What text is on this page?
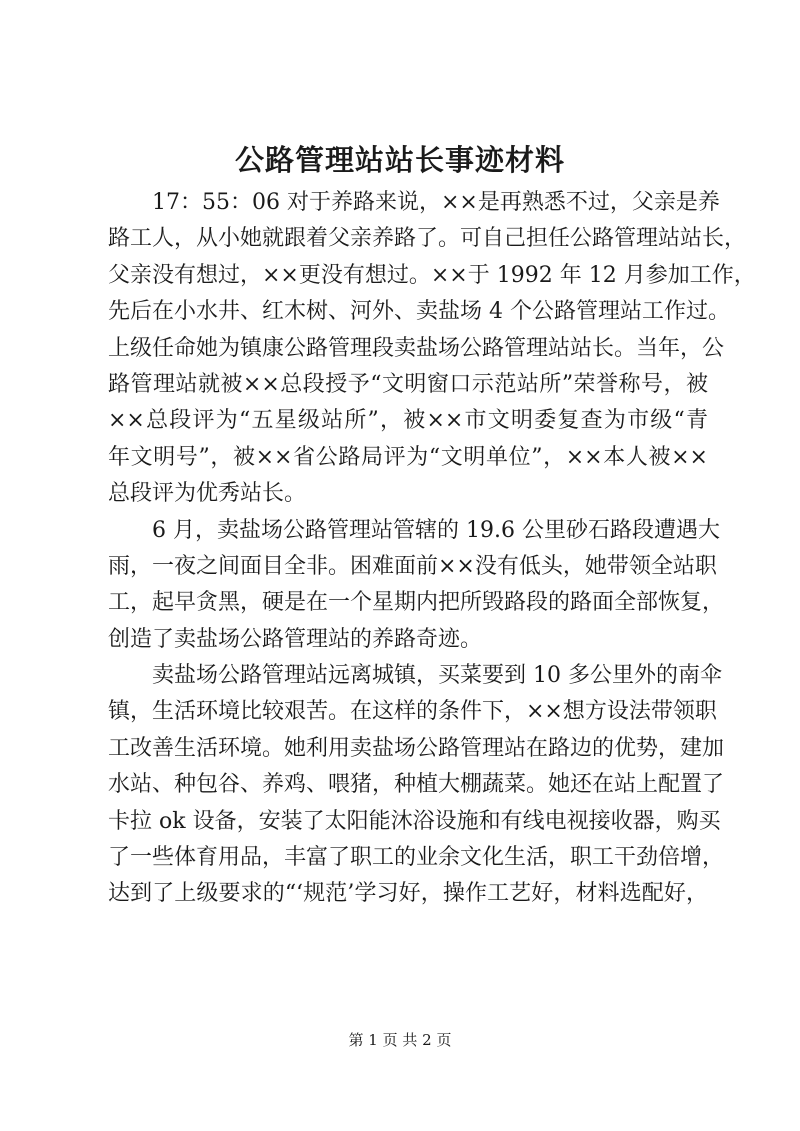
公路管理站站长事迹材料
17：55：06 对于养路来说，××是再熟悉不过，父亲是养
路工人，从小她就跟着父亲养路了。可自己担任公路管理站站长，
父亲没有想过，××更没有想过。××于 1992 年 12 月参加工作，
先后在小水井、红木树、河外、卖盐场 4 个公路管理站工作过。
上级任命她为镇康公路管理段卖盐场公路管理站站长。当年，公
路管理站就被××总段授予“文明窗口示范站所”荣誉称号，被
××总段评为“五星级站所”，被××市文明委复查为市级“青
年文明号”，被××省公路局评为“文明单位”，××本人被××
总段评为优秀站长。
6 月，卖盐场公路管理站管辖的 19.6 公里砂石路段遭遇大
雨，一夜之间面目全非。困难面前××没有低头，她带领全站职
工，起早贪黑，硬是在一个星期内把所毁路段的路面全部恢复，
创造了卖盐场公路管理站的养路奇迹。
卖盐场公路管理站远离城镇，买菜要到 10 多公里外的南伞
镇，生活环境比较艰苦。在这样的条件下，××想方设法带领职
工改善生活环境。她利用卖盐场公路管理站在路边的优势，建加
水站、种包谷、养鸡、喂猪，种植大棚蔬菜。她还在站上配置了
卡拉 ok 设备，安装了太阳能沐浴设施和有线电视接收器，购买
了一些体育用品，丰富了职工的业余文化生活，职工干劲倍增，
达到了上级要求的“‘规范’学习好，操作工艺好，材料选配好，
第 1 页 共 2 页
